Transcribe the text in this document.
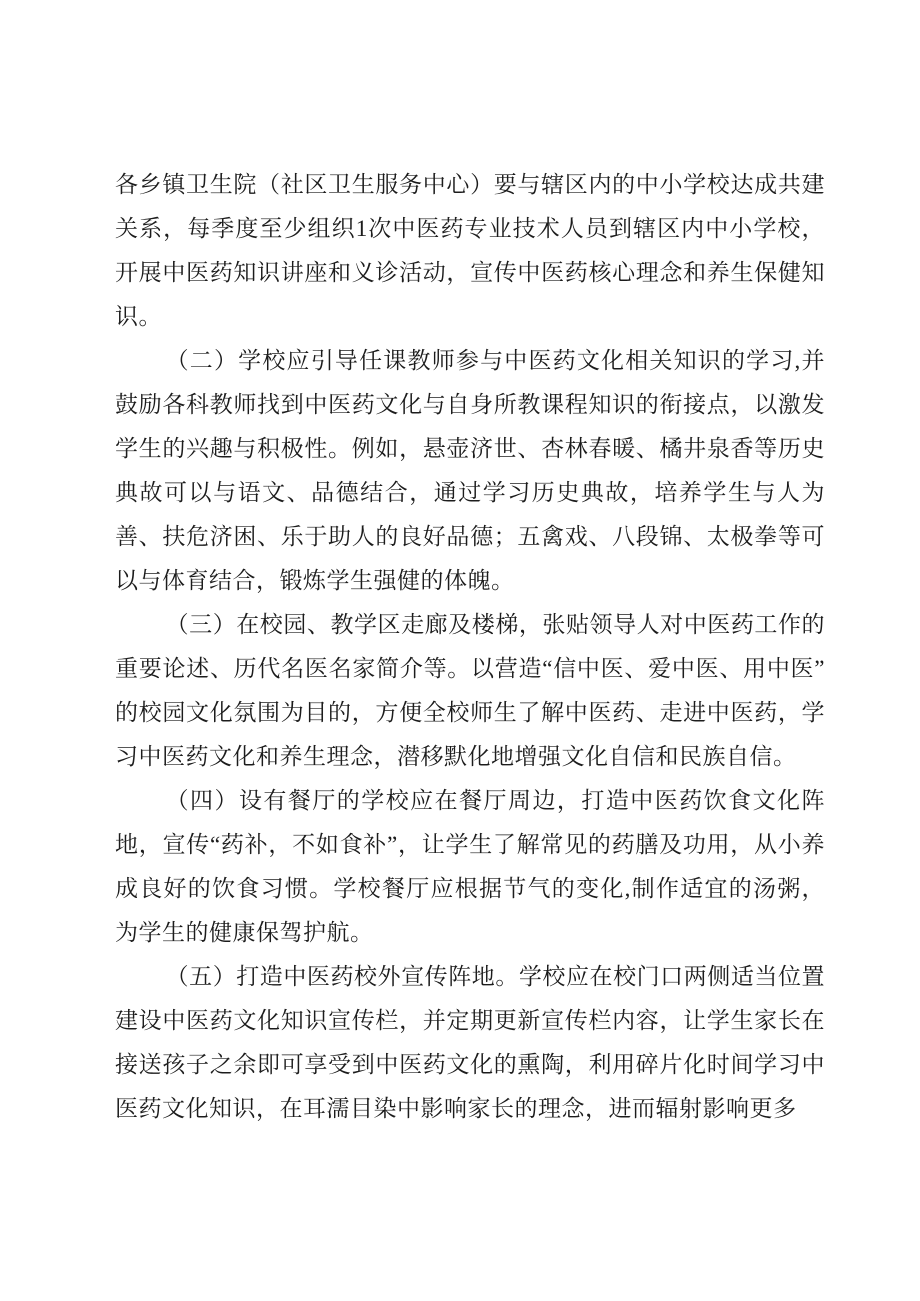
各乡镇卫生院（社区卫生服务中心）要与辖区内的中小学校达成共建关系，每季度至少组织1次中医药专业技术人员到辖区内中小学校，开展中医药知识讲座和义诊活动，宣传中医药核心理念和养生保健知识。

（二）学校应引导任课教师参与中医药文化相关知识的学习,并鼓励各科教师找到中医药文化与自身所教课程知识的衔接点，以激发学生的兴趣与积极性。例如，悬壶济世、杏林春暖、橘井泉香等历史典故可以与语文、品德结合，通过学习历史典故，培养学生与人为善、扶危济困、乐于助人的良好品德；五禽戏、八段锦、太极拳等可以与体育结合，锻炼学生强健的体魄。

（三）在校园、教学区走廊及楼梯，张贴领导人对中医药工作的重要论述、历代名医名家简介等。以营造“信中医、爱中医、用中医”的校园文化氛围为目的，方便全校师生了解中医药、走进中医药，学习中医药文化和养生理念，潜移默化地增强文化自信和民族自信。

（四）设有餐厅的学校应在餐厅周边，打造中医药饮食文化阵地，宣传“药补，不如食补”，让学生了解常见的药膳及功用，从小养成良好的饮食习惯。学校餐厅应根据节气的变化,制作适宜的汤粥，为学生的健康保驾护航。

（五）打造中医药校外宣传阵地。学校应在校门口两侧适当位置建设中医药文化知识宣传栏，并定期更新宣传栏内容，让学生家长在接送孩子之余即可享受到中医药文化的熏陶，利用碎片化时间学习中医药文化知识，在耳濡目染中影响家长的理念，进而辐射影响更多
